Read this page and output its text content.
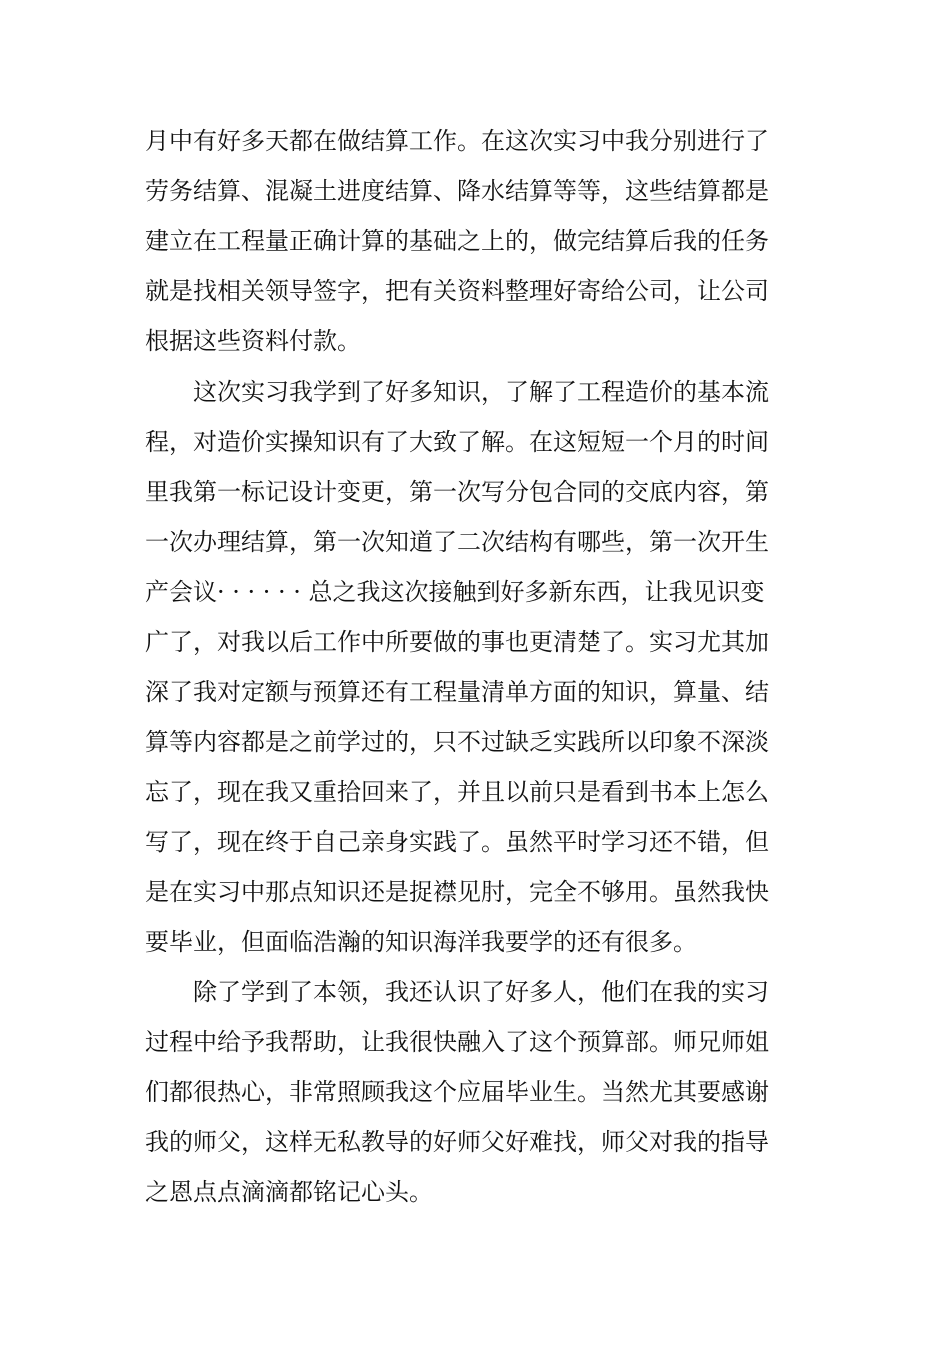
月中有好多天都在做结算工作。在这次实习中我分别进行了
劳务结算、混凝土进度结算、降水结算等等，这些结算都是
建立在工程量正确计算的基础之上的，做完结算后我的任务
就是找相关领导签字，把有关资料整理好寄给公司，让公司
根据这些资料付款。
这次实习我学到了好多知识，了解了工程造价的基本流
程，对造价实操知识有了大致了解。在这短短一个月的时间
里我第一标记设计变更，第一次写分包合同的交底内容，第
一次办理结算，第一次知道了二次结构有哪些，第一次开生
产会议· · · · · · 总之我这次接触到好多新东西，让我见识变
广了，对我以后工作中所要做的事也更清楚了。实习尤其加
深了我对定额与预算还有工程量清单方面的知识，算量、结
算等内容都是之前学过的，只不过缺乏实践所以印象不深淡
忘了，现在我又重拾回来了，并且以前只是看到书本上怎么
写了，现在终于自己亲身实践了。虽然平时学习还不错，但
是在实习中那点知识还是捉襟见肘，完全不够用。虽然我快
要毕业，但面临浩瀚的知识海洋我要学的还有很多。
除了学到了本领，我还认识了好多人，他们在我的实习
过程中给予我帮助，让我很快融入了这个预算部。师兄师姐
们都很热心，非常照顾我这个应届毕业生。当然尤其要感谢
我的师父，这样无私教导的好师父好难找，师父对我的指导
之恩点点滴滴都铭记心头。
